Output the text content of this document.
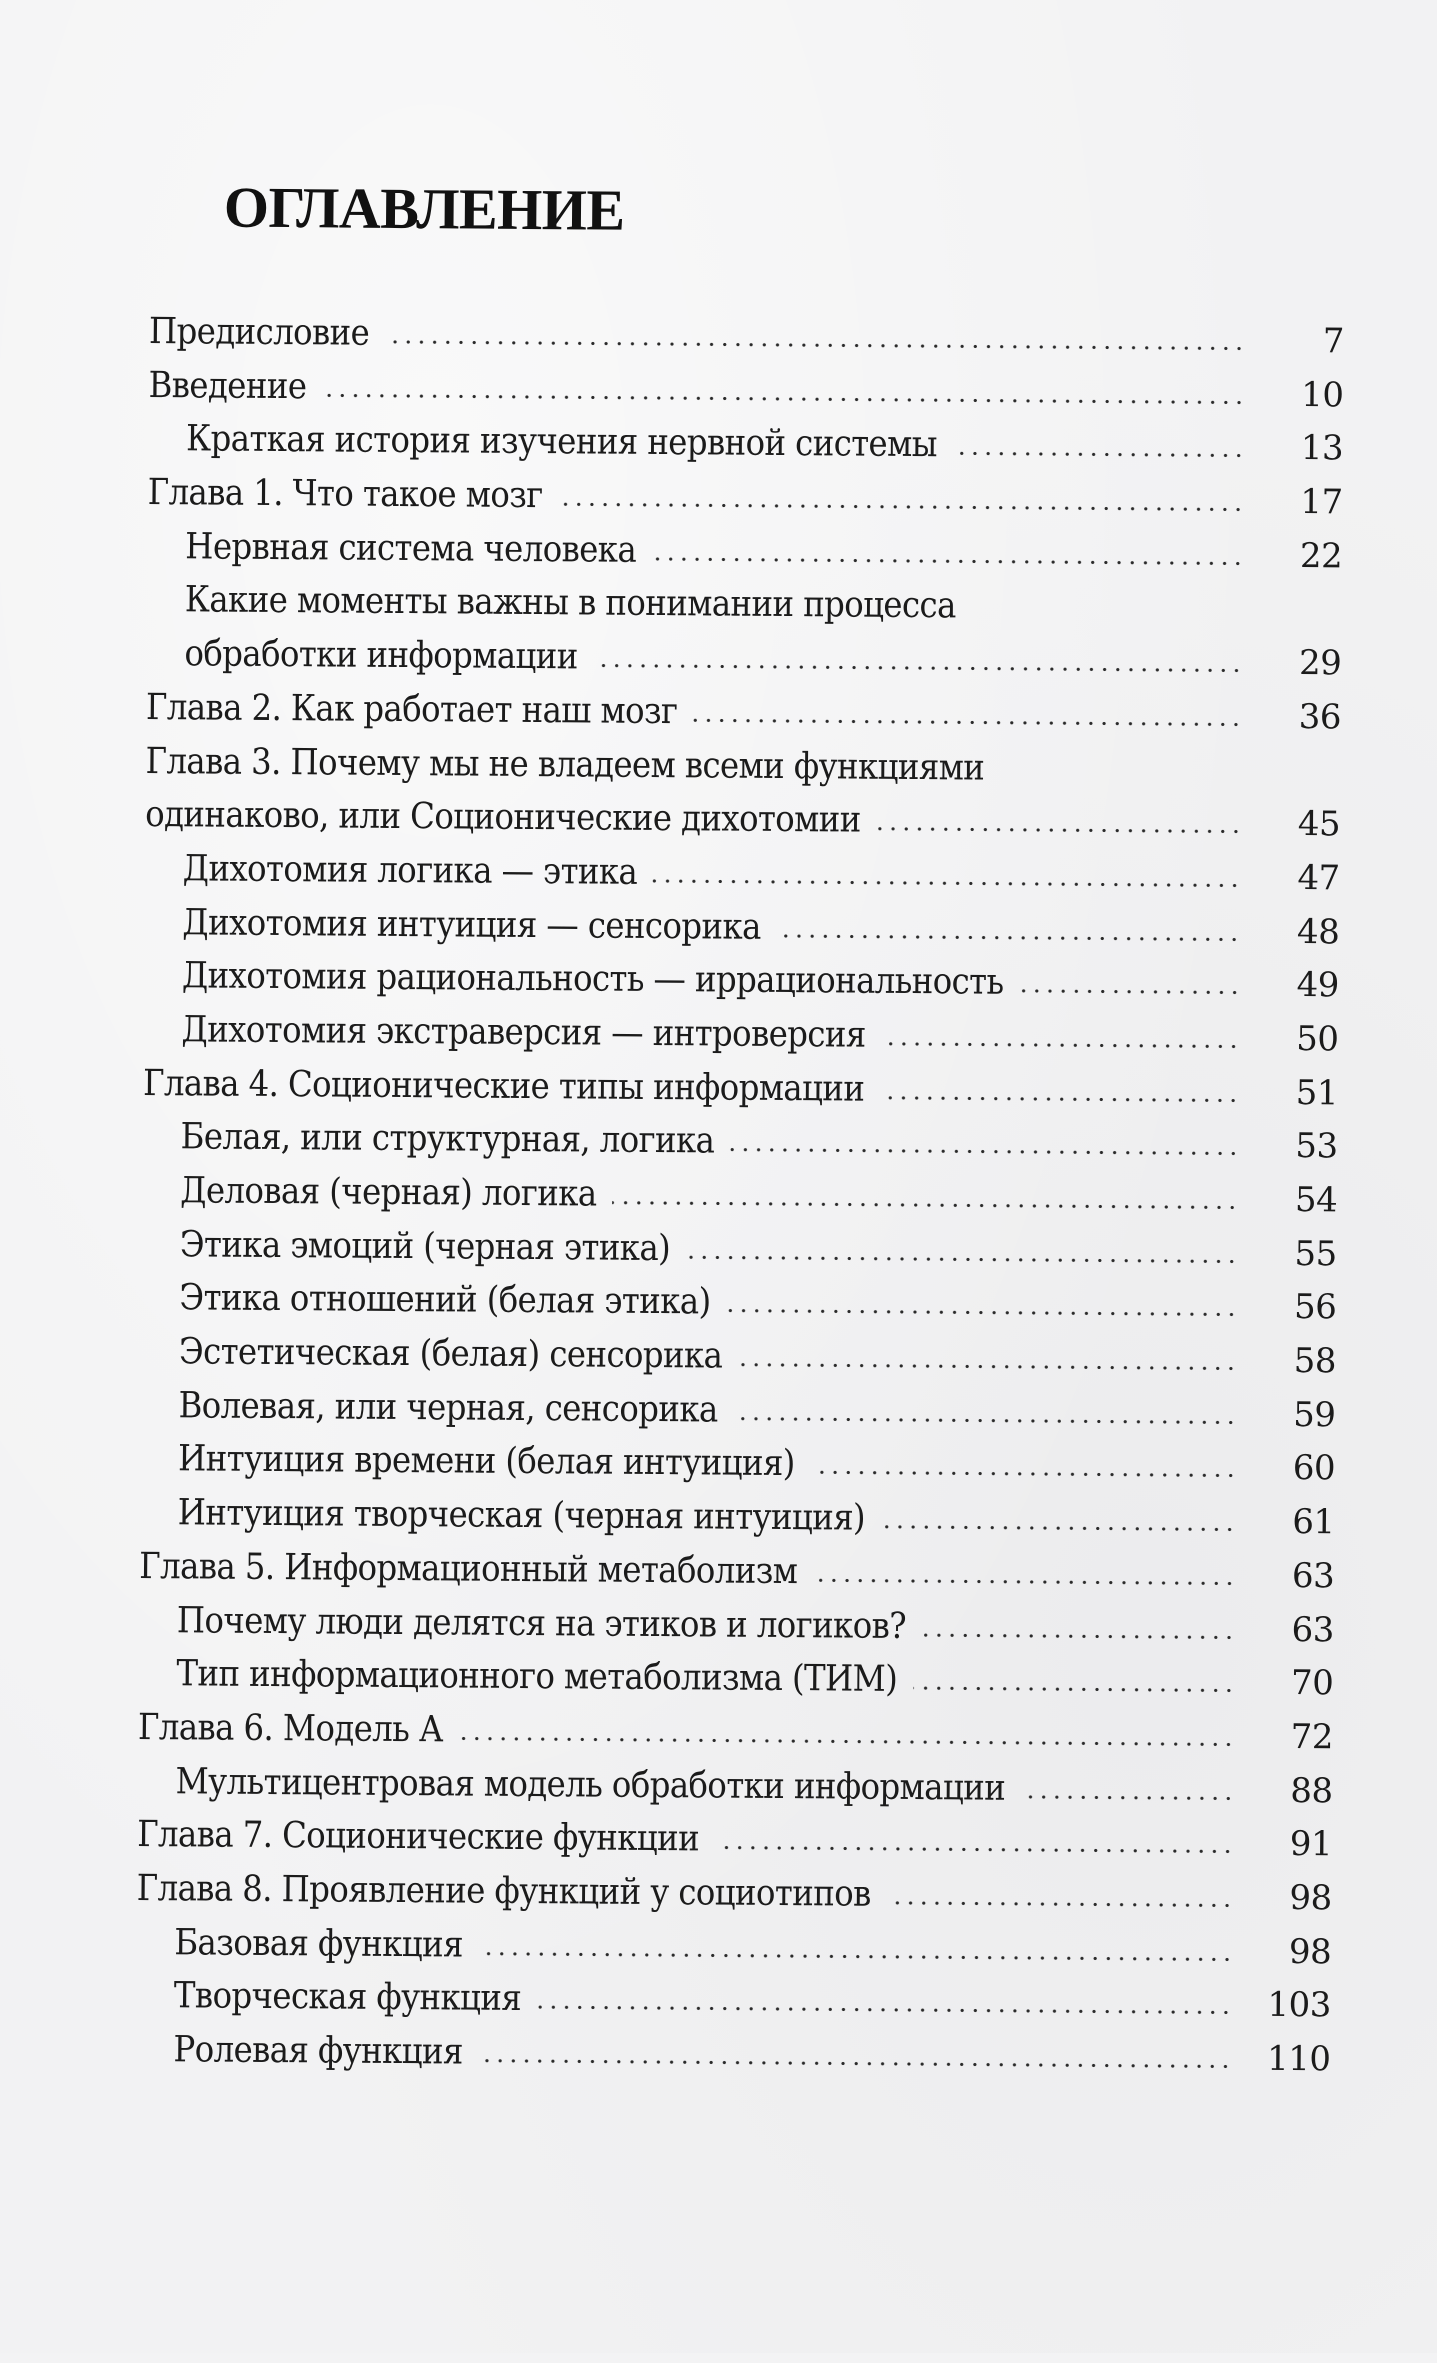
ОГЛАВЛЕНИЕ
Предисловие	7
Введение	10
Краткая история изучения нервной системы	13
Глава 1. Что такое мозг	17
Нервная система человека	22
Какие моменты важны в понимании процесса
обработки информации	29
Глава 2. Как работает наш мозг	36
Глава 3. Почему мы не владеем всеми функциями
одинаково, или Соционические дихотомии	45
Дихотомия логика — этика	47
Дихотомия интуиция — сенсорика	48
Дихотомия рациональность — иррациональность	49
Дихотомия экстраверсия — интроверсия	50
Глава 4. Соционические типы информации	51
Белая, или структурная, логика	53
Деловая (черная) логика	54
Этика эмоций (черная этика)	55
Этика отношений (белая этика)	56
Эстетическая (белая) сенсорика	58
Волевая, или черная, сенсорика	59
Интуиция времени (белая интуиция)	60
Интуиция творческая (черная интуиция)	61
Глава 5. Информационный метаболизм	63
Почему люди делятся на этиков и логиков?	63
Тип информационного метаболизма (ТИМ)	70
Глава 6. Модель А	72
Мультицентровая модель обработки информации	88
Глава 7. Соционические функции	91
Глава 8. Проявление функций у социотипов	98
Базовая функция	98
Творческая функция	103
Ролевая функция	110
